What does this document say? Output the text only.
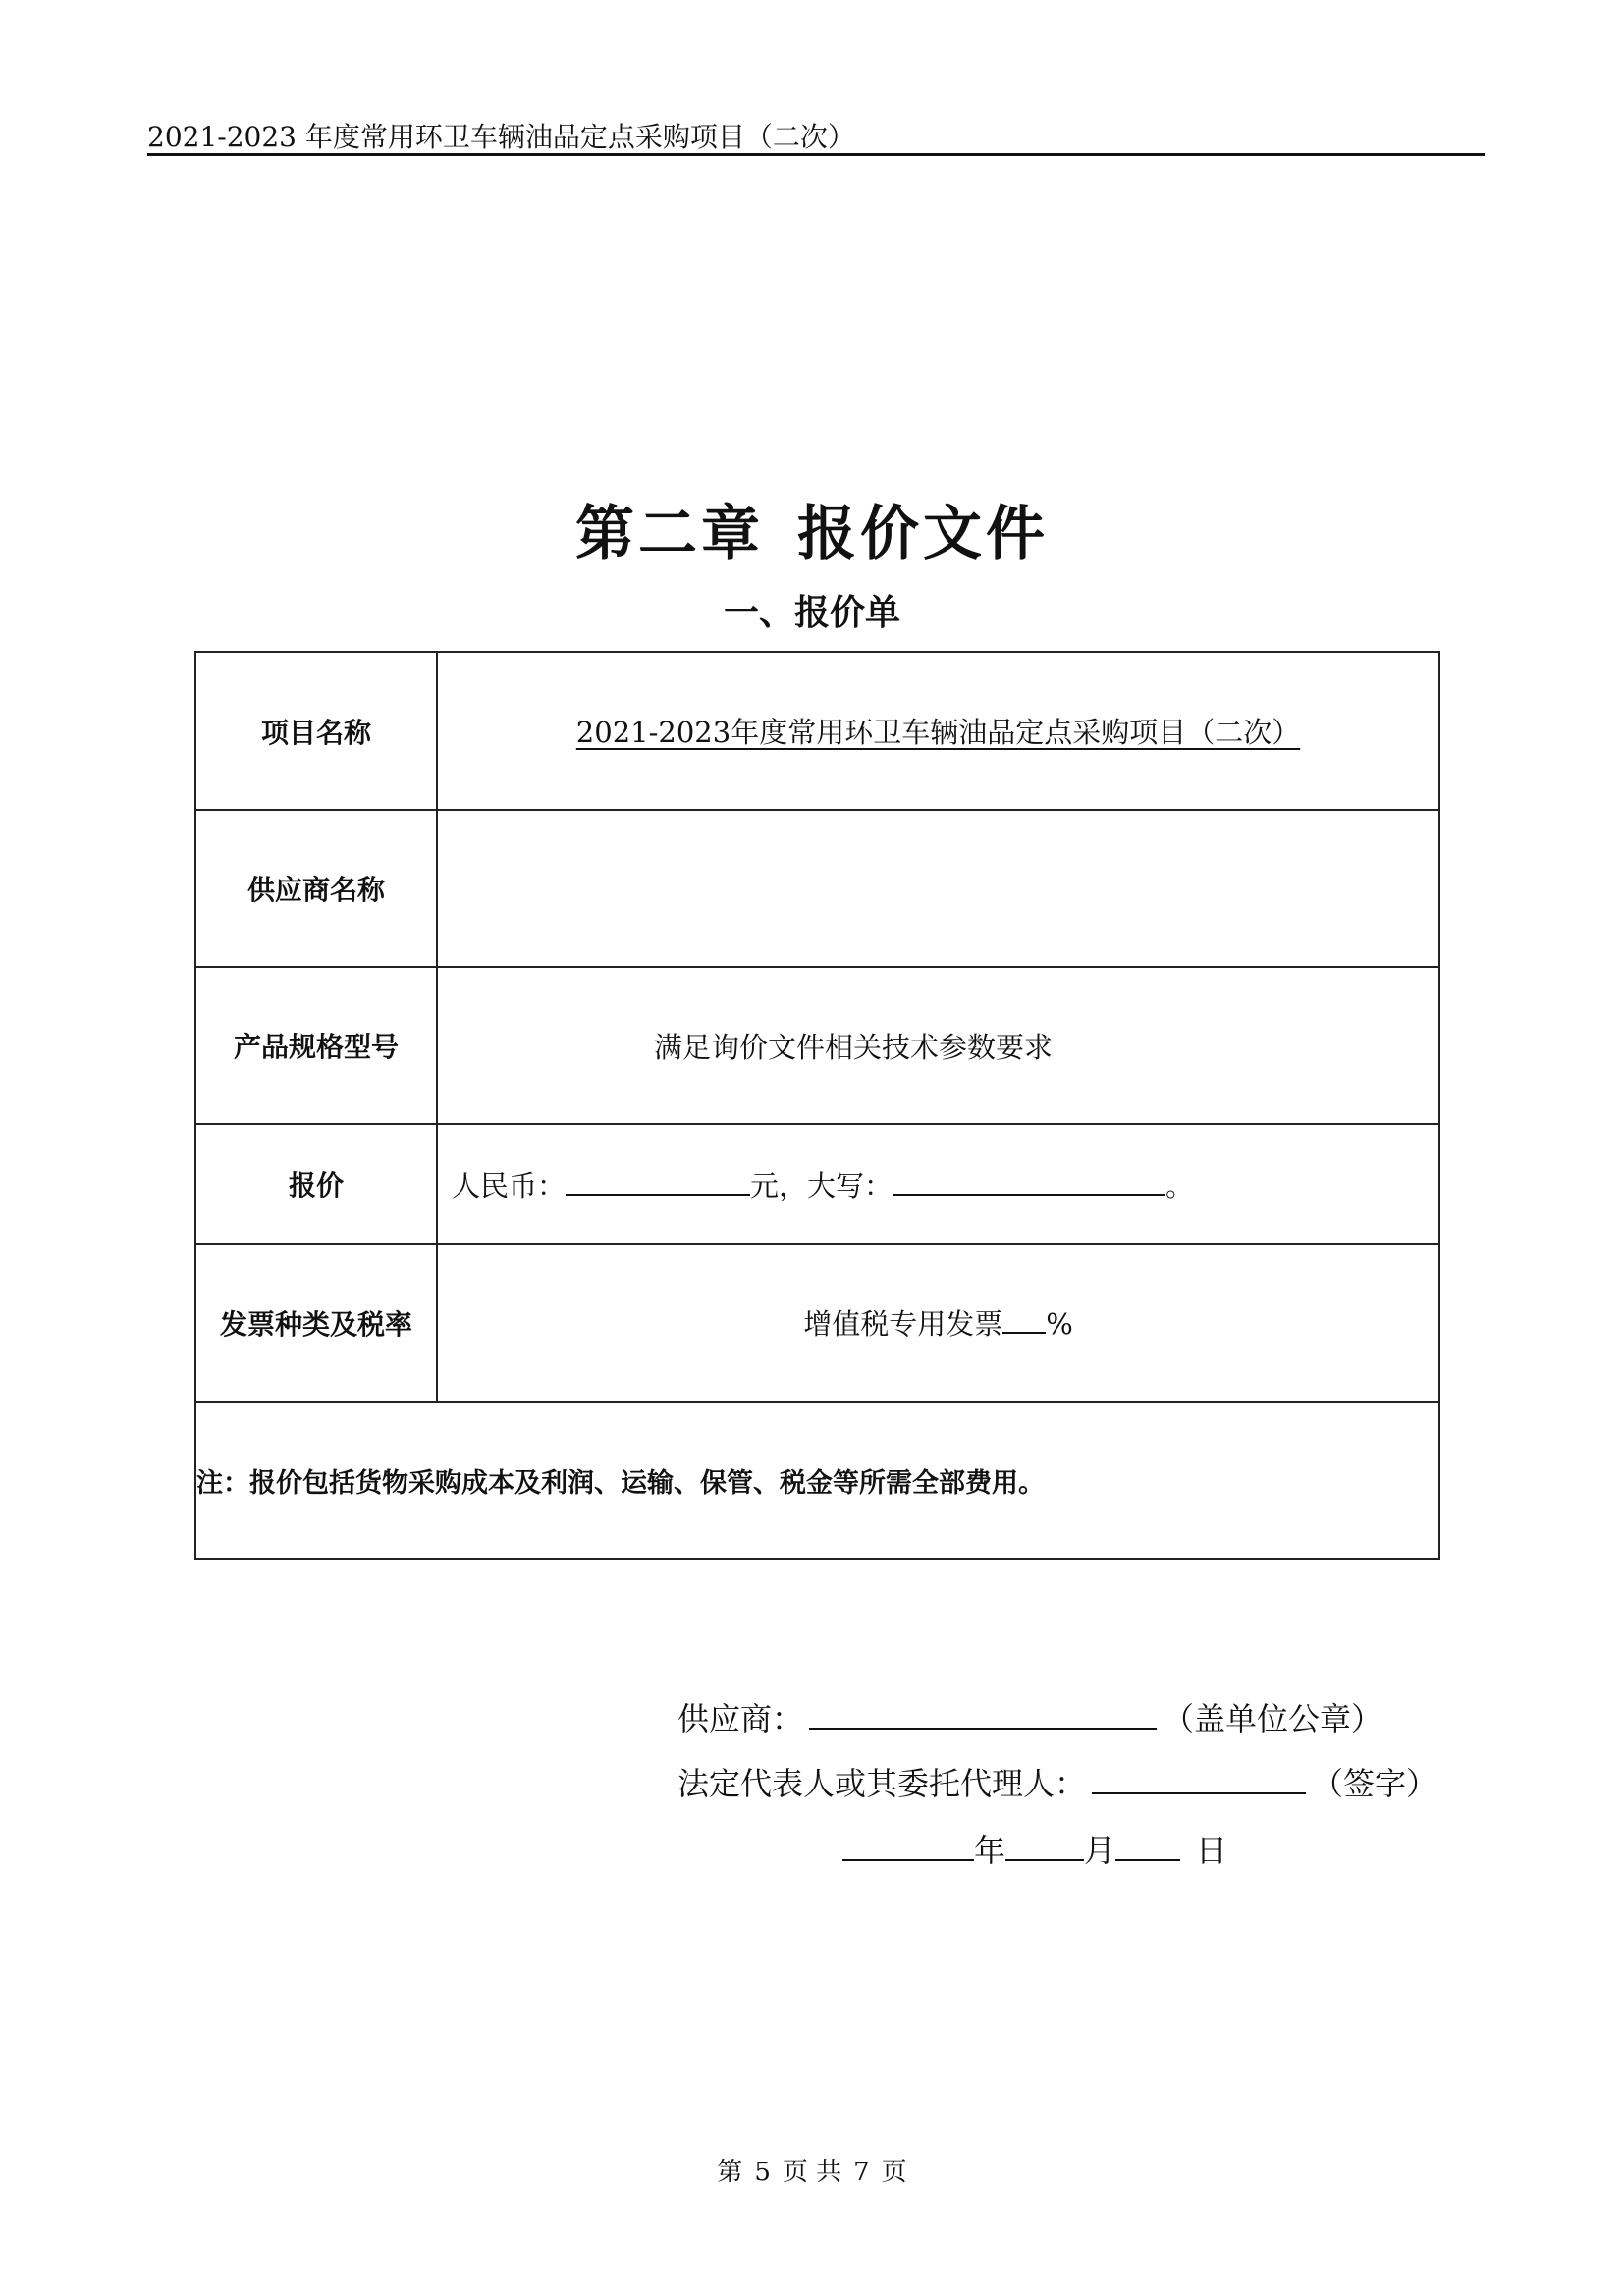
2021-2023 年度常用环卫车辆油品定点采购项目（二次）
第二章 报价文件
一、报价单
项目名称	2021-2023年度常用环卫车辆油品定点采购项目（二次）
供应商名称	
产品规格型号	满足询价文件相关技术参数要求
报价	人民币： 元，大写： 。
发票种类及税率	增值税专用发票 %
注：报价包括货物采购成本及利润、运输、保管、税金等所需全部费用。	
供应商：	（盖单位公章）
法定代表人或其委托代理人：	（签字）
年	月	日
第 5 页 共 7 页
